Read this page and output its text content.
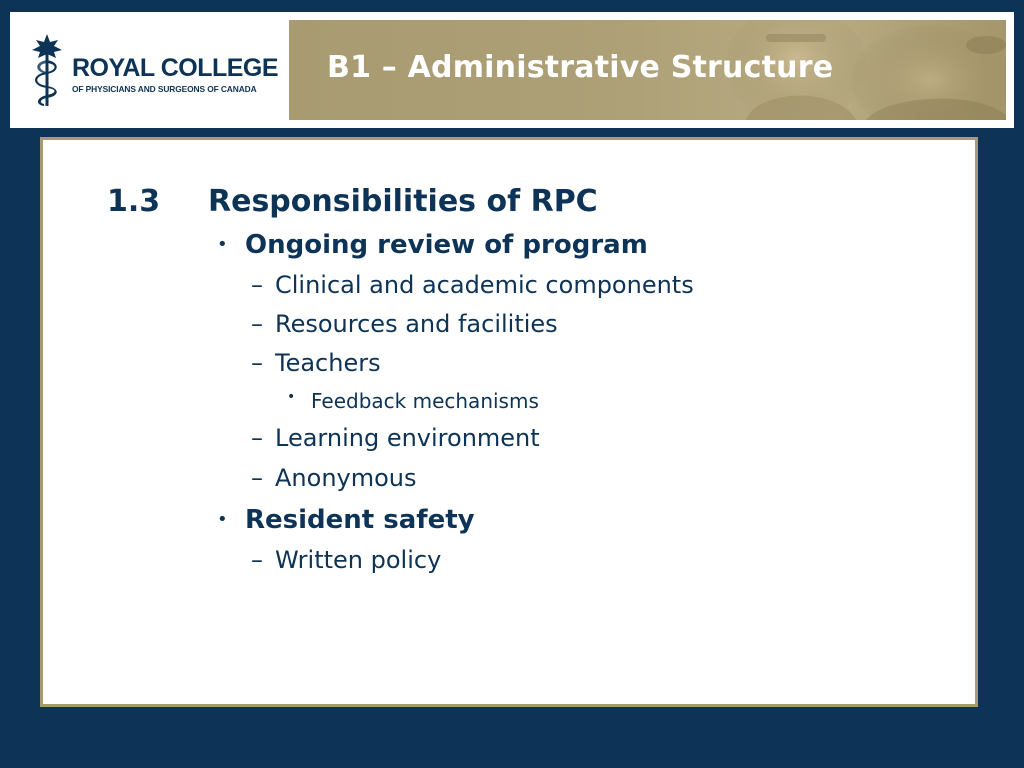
ROYAL COLLEGE
OF PHYSICIANS AND SURGEONS OF CANADA
B1 – Administrative Structure
1.3 Responsibilities of RPC
• Ongoing review of program
– Clinical and academic components
– Resources and facilities
– Teachers
• Feedback mechanisms
– Learning environment
– Anonymous
• Resident safety
– Written policy
